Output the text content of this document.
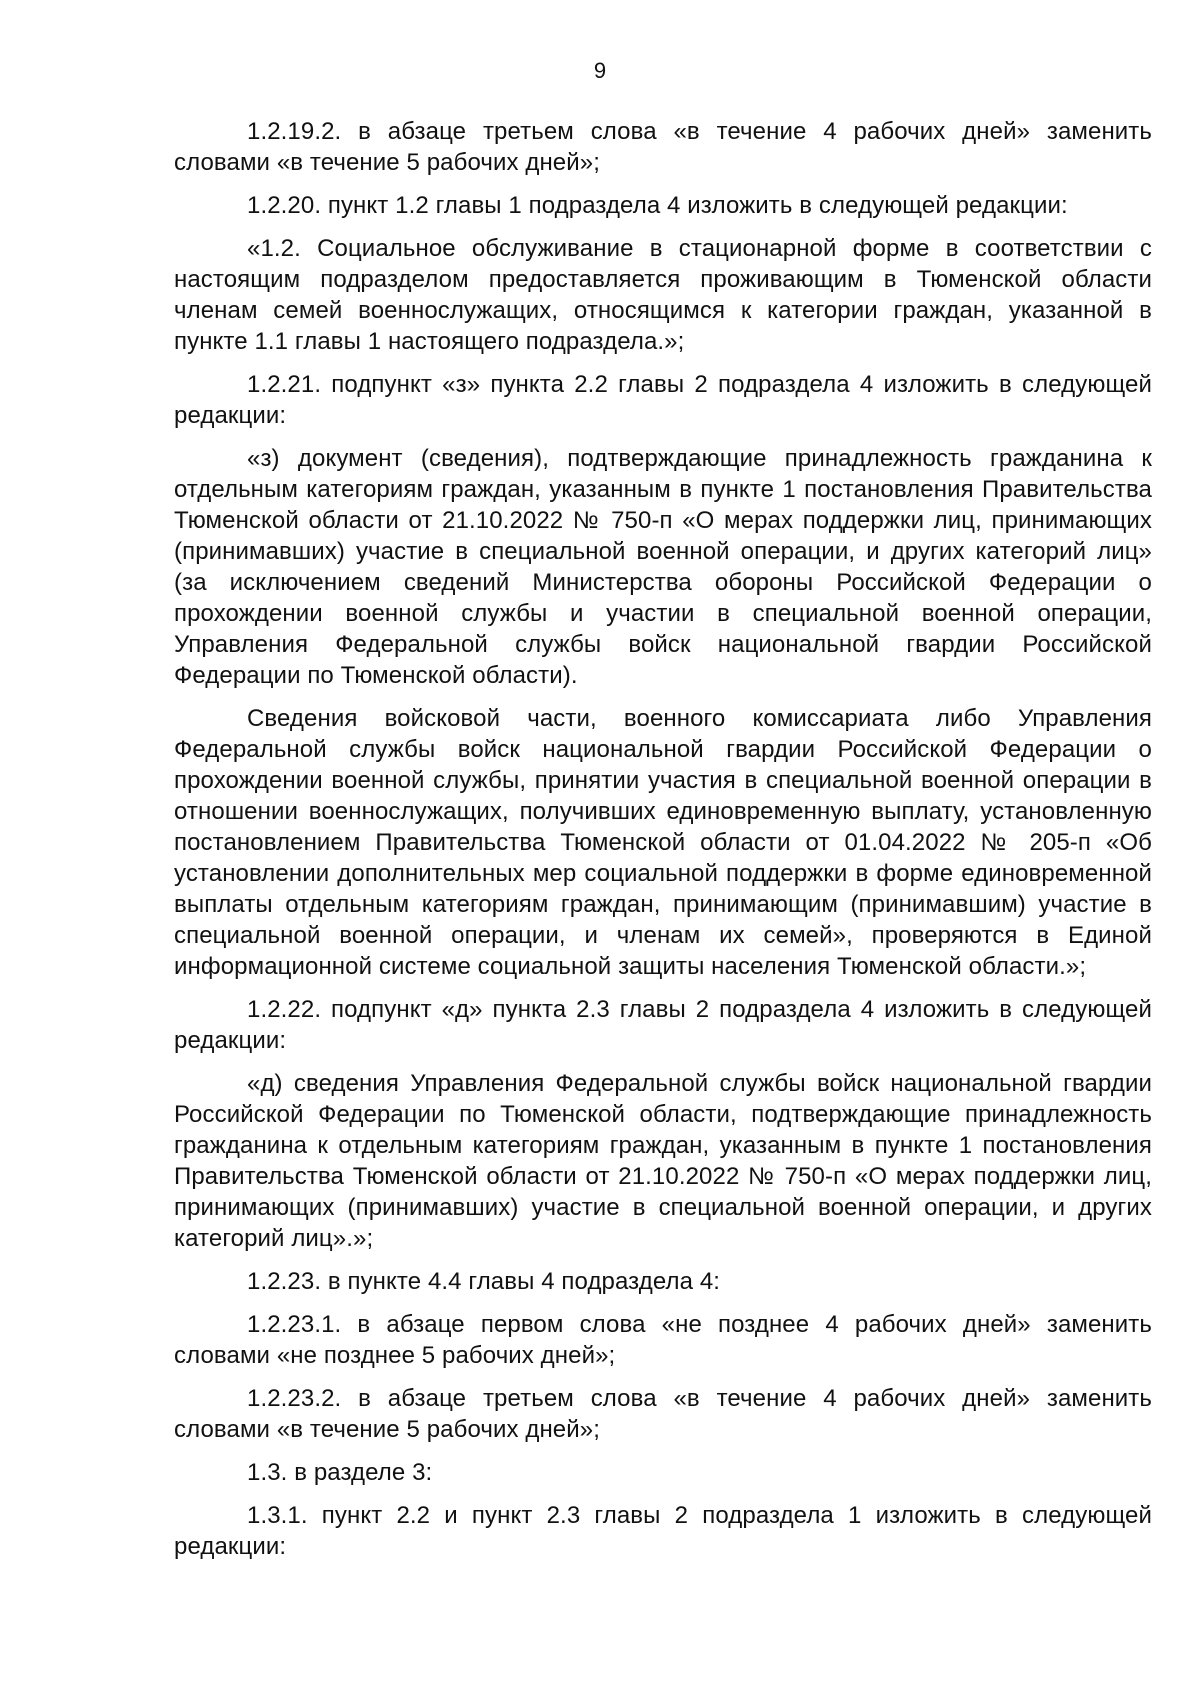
9

1.2.19.2. в абзаце третьем слова «в течение 4 рабочих дней» заменить словами «в течение 5 рабочих дней»;

1.2.20. пункт 1.2 главы 1 подраздела 4 изложить в следующей редакции:

«1.2. Социальное обслуживание в стационарной форме в соответствии с настоящим подразделом предоставляется проживающим в Тюменской области членам семей военнослужащих, относящимся к категории граждан, указанной в пункте 1.1 главы 1 настоящего подраздела.»;

1.2.21. подпункт «з» пункта 2.2 главы 2 подраздела 4 изложить в следующей редакции:

«з) документ (сведения), подтверждающие принадлежность гражданина к отдельным категориям граждан, указанным в пункте 1 постановления Правительства Тюменской области от 21.10.2022 № 750-п «О мерах поддержки лиц, принимающих (принимавших) участие в специальной военной операции, и других категорий лиц» (за исключением сведений Министерства обороны Российской Федерации о прохождении военной службы и участии в специальной военной операции, Управления Федеральной службы войск национальной гвардии Российской Федерации по Тюменской области).

Сведения войсковой части, военного комиссариата либо Управления Федеральной службы войск национальной гвардии Российской Федерации о прохождении военной службы, принятии участия в специальной военной операции в отношении военнослужащих, получивших единовременную выплату, установленную постановлением Правительства Тюменской области от 01.04.2022 № 205-п «Об установлении дополнительных мер социальной поддержки в форме единовременной выплаты отдельным категориям граждан, принимающим (принимавшим) участие в специальной военной операции, и членам их семей», проверяются в Единой информационной системе социальной защиты населения Тюменской области.»;

1.2.22. подпункт «д» пункта 2.3 главы 2 подраздела 4 изложить в следующей редакции:

«д) сведения Управления Федеральной службы войск национальной гвардии Российской Федерации по Тюменской области, подтверждающие принадлежность гражданина к отдельным категориям граждан, указанным в пункте 1 постановления Правительства Тюменской области от 21.10.2022 № 750-п «О мерах поддержки лиц, принимающих (принимавших) участие в специальной военной операции, и других категорий лиц».»;

1.2.23. в пункте 4.4 главы 4 подраздела 4:

1.2.23.1. в абзаце первом слова «не позднее 4 рабочих дней» заменить словами «не позднее 5 рабочих дней»;

1.2.23.2. в абзаце третьем слова «в течение 4 рабочих дней» заменить словами «в течение 5 рабочих дней»;

1.3. в разделе 3:

1.3.1. пункт 2.2 и пункт 2.3 главы 2 подраздела 1 изложить в следующей редакции:
